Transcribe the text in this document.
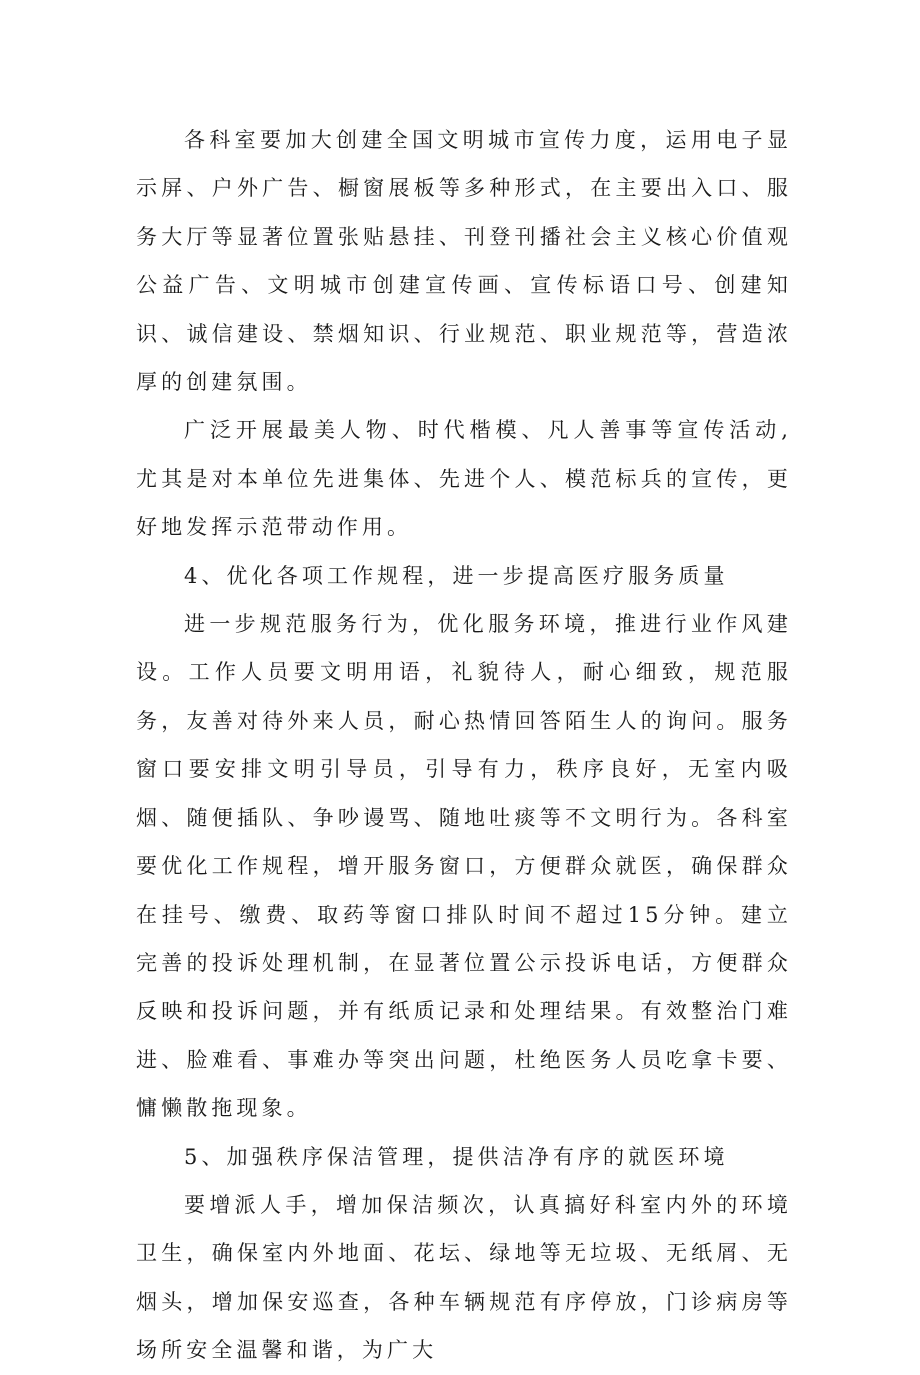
各科室要加大创建全国文明城市宣传力度，运用电子显示屏、户外广告、橱窗展板等多种形式，在主要出入口、服务大厅等显著位置张贴悬挂、刊登刊播社会主义核心价值观公益广告、文明城市创建宣传画、宣传标语口号、创建知识、诚信建设、禁烟知识、行业规范、职业规范等，营造浓厚的创建氛围。

广泛开展最美人物、时代楷模、凡人善事等宣传活动,尤其是对本单位先进集体、先进个人、模范标兵的宣传，更好地发挥示范带动作用。

4、优化各项工作规程，进一步提高医疗服务质量

进一步规范服务行为，优化服务环境，推进行业作风建设。工作人员要文明用语，礼貌待人，耐心细致，规范服务，友善对待外来人员，耐心热情回答陌生人的询问。服务窗口要安排文明引导员，引导有力，秩序良好，无室内吸烟、随便插队、争吵谩骂、随地吐痰等不文明行为。各科室要优化工作规程，增开服务窗口，方便群众就医，确保群众在挂号、缴费、取药等窗口排队时间不超过15分钟。建立完善的投诉处理机制，在显著位置公示投诉电话，方便群众反映和投诉问题，并有纸质记录和处理结果。有效整治门难进、脸难看、事难办等突出问题，杜绝医务人员吃拿卡要、慵懒散拖现象。

5、加强秩序保洁管理，提供洁净有序的就医环境

要增派人手，增加保洁频次，认真搞好科室内外的环境卫生，确保室内外地面、花坛、绿地等无垃圾、无纸屑、无烟头，增加保安巡查，各种车辆规范有序停放，门诊病房等场所安全温馨和谐，为广大
